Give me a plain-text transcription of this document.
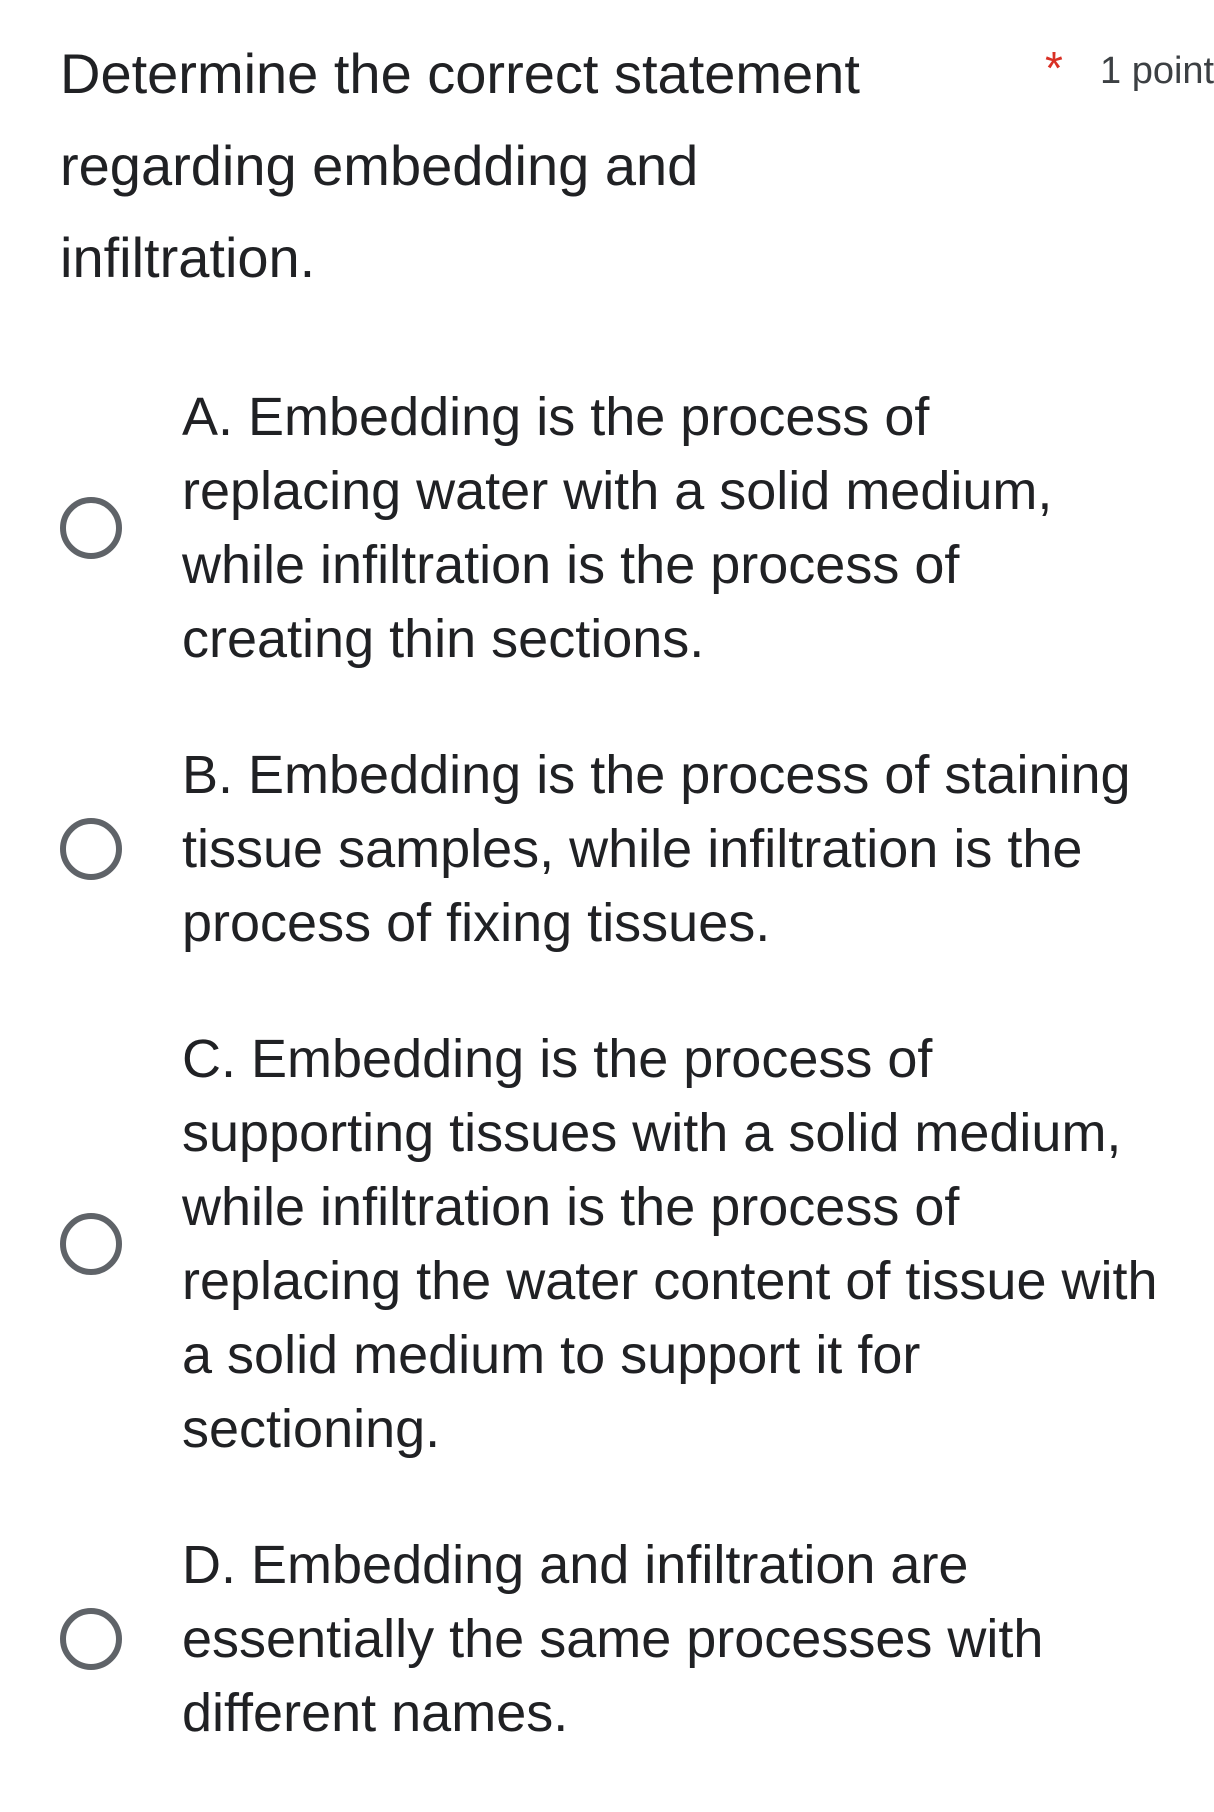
Determine the correct statement regarding embedding and infiltration.

* 1 point
A. Embedding is the process of replacing water with a solid medium, while infiltration is the process of creating thin sections.
B. Embedding is the process of staining tissue samples, while infiltration is the process of fixing tissues.
C. Embedding is the process of supporting tissues with a solid medium, while infiltration is the process of replacing the water content of tissue with a solid medium to support it for sectioning.
D. Embedding and infiltration are essentially the same processes with different names.
